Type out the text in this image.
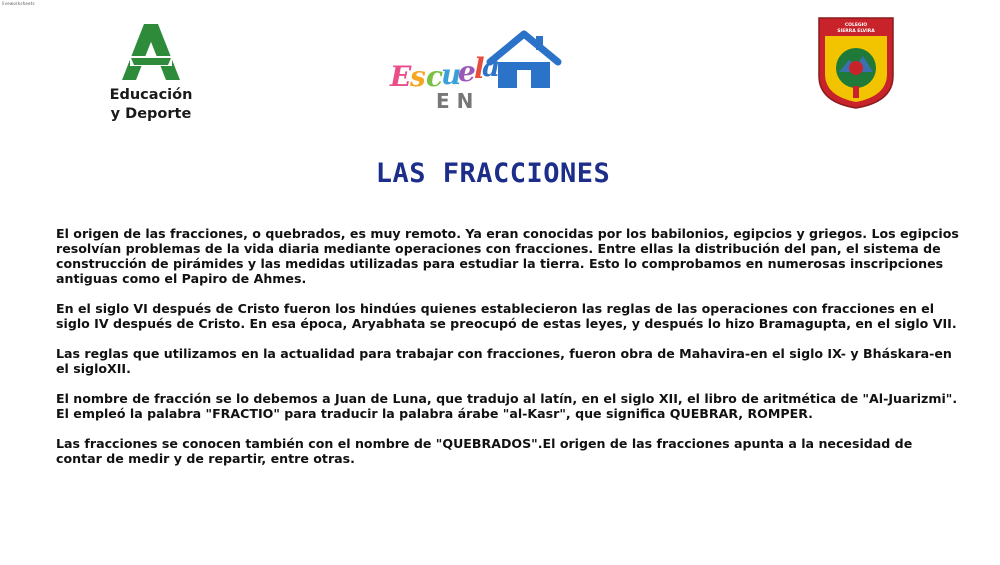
liveworksheets
Educación
y Deporte
E
s c
u
e
l
a
E N
COLEGIO
SIERRA ELVIRA
LAS FRACCIONES

El origen de las fracciones, o quebrados, es muy remoto. Ya eran conocidas por los babilonios, egipcios y griegos. Los egipcios resolvían problemas de la vida diaria mediante operaciones con fracciones. Entre ellas la distribución del pan, el sistema de construcción de pirámides y las medidas utilizadas para estudiar la tierra. Esto lo comprobamos en numerosas inscripciones antiguas como el Papiro de Ahmes.

En el siglo VI después de Cristo fueron los hindúes quienes establecieron las reglas de las operaciones con fracciones en el siglo IV después de Cristo. En esa época, Aryabhata se preocupó de estas leyes, y después lo hizo Bramagupta, en el siglo VII.

Las reglas que utilizamos en la actualidad para trabajar con fracciones, fueron obra de Mahavira-en el siglo IX- y Bháskara-en el sigloXII.

El nombre de fracción se lo debemos a Juan de Luna, que tradujo al latín, en el siglo XII, el libro de aritmética de "Al-Juarizmi". El empleó la palabra "FRACTIO" para traducir la palabra árabe "al-Kasr", que significa QUEBRAR, ROMPER.

Las fracciones se conocen también con el nombre de "QUEBRADOS".El origen de las fracciones apunta a la necesidad de contar de medir y de repartir, entre otras.
